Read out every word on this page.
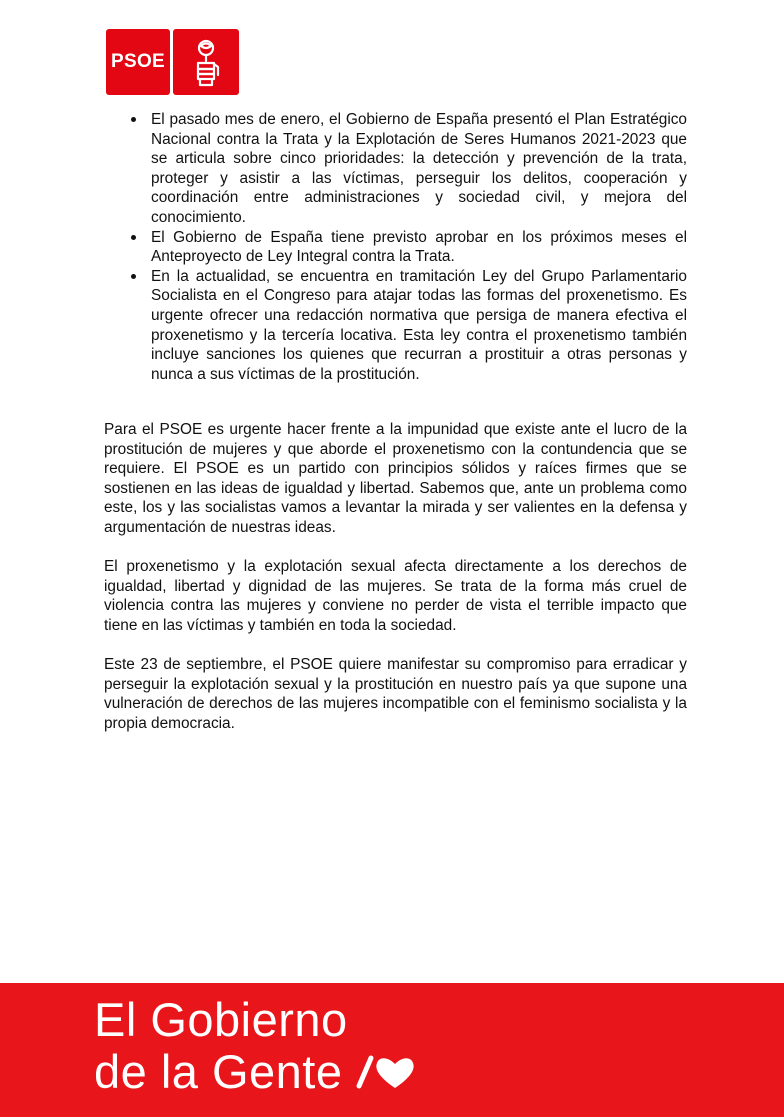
PSOE
El pasado mes de enero, el Gobierno de España presentó el Plan Estratégico Nacional contra la Trata y la Explotación de Seres Humanos 2021-2023 que se articula sobre cinco prioridades: la detección y prevención de la trata, proteger y asistir a las víctimas, perseguir los delitos, cooperación y coordinación entre administraciones y sociedad civil, y mejora del conocimiento.
El Gobierno de España tiene previsto aprobar en los próximos meses el Anteproyecto de Ley Integral contra la Trata.
En la actualidad, se encuentra en tramitación Ley del Grupo Parlamentario Socialista en el Congreso para atajar todas las formas del proxenetismo. Es urgente ofrecer una redacción normativa que persiga de manera efectiva el proxenetismo y la tercería locativa. Esta ley contra el proxenetismo también incluye sanciones los quienes que recurran a prostituir a otras personas y nunca a sus víctimas de la prostitución.

Para el PSOE es urgente hacer frente a la impunidad que existe ante el lucro de la prostitución de mujeres y que aborde el proxenetismo con la contundencia que se requiere. El PSOE es un partido con principios sólidos y raíces firmes que se sostienen en las ideas de igualdad y libertad. Sabemos que, ante un problema como este, los y las socialistas vamos a levantar la mirada y ser valientes en la defensa y argumentación de nuestras ideas.

El proxenetismo y la explotación sexual afecta directamente a los derechos de igualdad, libertad y dignidad de las mujeres. Se trata de la forma más cruel de violencia contra las mujeres y conviene no perder de vista el terrible impacto que tiene en las víctimas y también en toda la sociedad.

Este 23 de septiembre, el PSOE quiere manifestar su compromiso para erradicar y perseguir la explotación sexual y la prostitución en nuestro país ya que supone una vulneración de derechos de las mujeres incompatible con el feminismo socialista y la propia democracia.

El Gobierno
de la Gente
